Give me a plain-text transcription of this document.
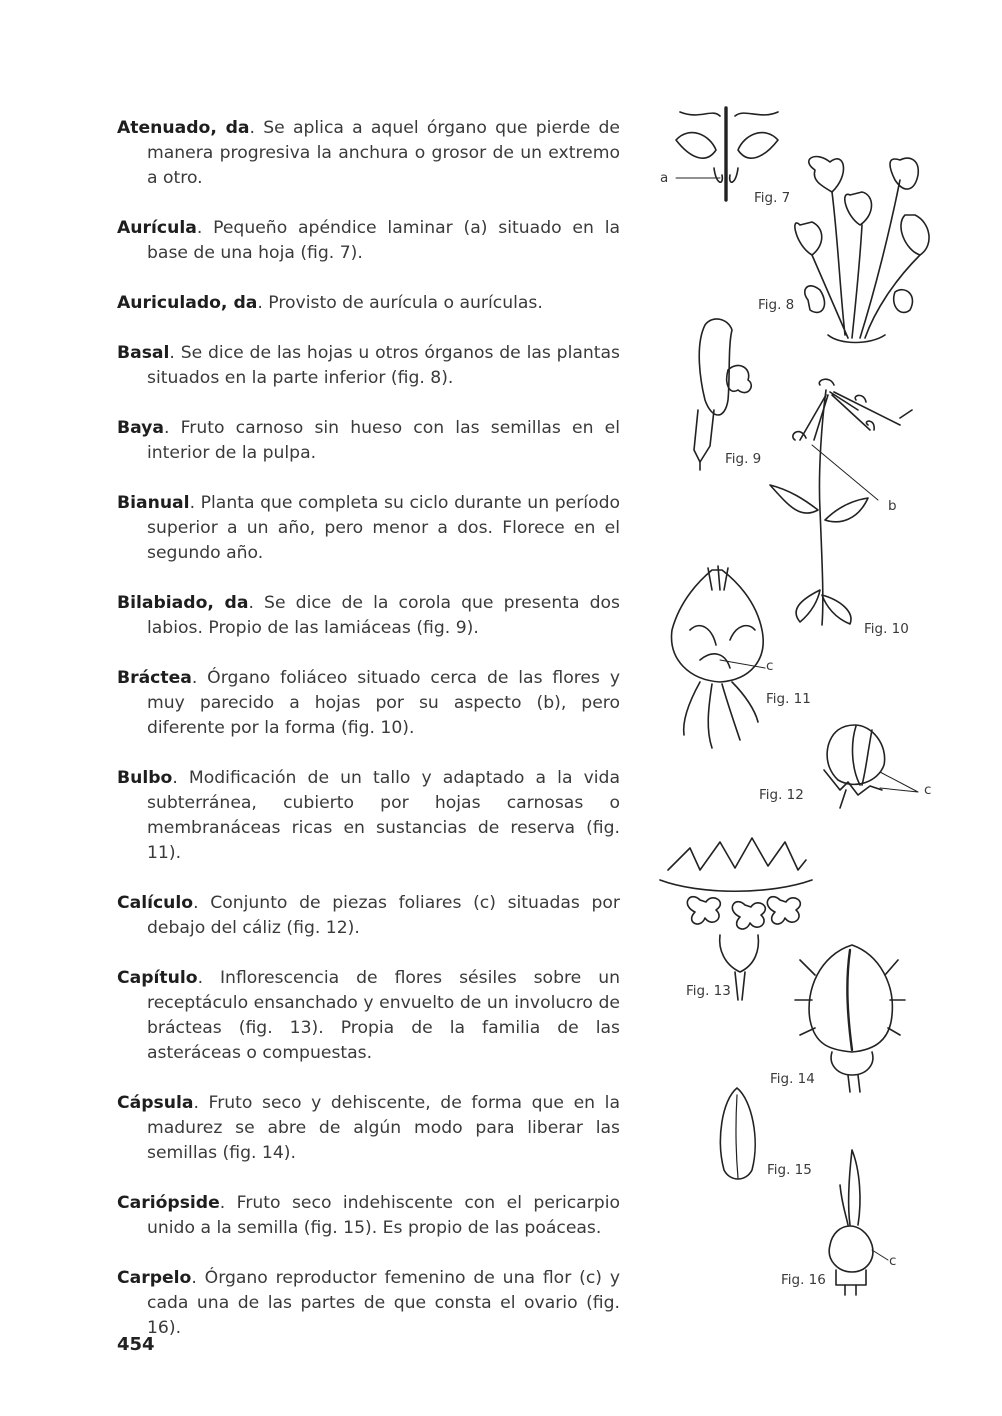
Atenuado, da. Se aplica a aquel órgano que pierde de manera progresiva la anchura o grosor de un extremo a otro.

Aurícula. Pequeño apéndice laminar (a) situado en la base de una hoja (fig. 7).

Auriculado, da. Provisto de aurícula o aurículas.

Basal. Se dice de las hojas u otros órganos de las plantas situados en la parte inferior (fig. 8).

Baya. Fruto carnoso sin hueso con las semillas en el interior de la pulpa.

Bianual. Planta que completa su ciclo durante un período superior a un año, pero menor a dos. Florece en el segundo año.

Bilabiado, da. Se dice de la corola que presenta dos labios. Propio de las lamiáceas (fig. 9).

Bráctea. Órgano foliáceo situado cerca de las flores y muy parecido a hojas por su aspecto (b), pero diferente por la forma (fig. 10).

Bulbo. Modificación de un tallo y adaptado a la vida subterránea, cubierto por hojas carnosas o membranáceas ricas en sustancias de reserva (fig. 11).

Calículo. Conjunto de piezas foliares (c) situadas por debajo del cáliz (fig. 12).

Capítulo. Inflorescencia de flores sésiles sobre un receptáculo ensanchado y envuelto de un involucro de brácteas (fig. 13). Propia de la familia de las asteráceas o compuestas.

Cápsula. Fruto seco y dehiscente, de forma que en la madurez se abre de algún modo para liberar las semillas (fig. 14).

Cariópside. Fruto seco indehiscente con el pericarpio unido a la semilla (fig. 15). Es propio de las poáceas.

Carpelo. Órgano reproductor femenino de una flor (c) y cada una de las partes de que consta el ovario (fig. 16).

Fig. 7
a
Fig. 8
Fig. 9
b
Fig. 10
c
Fig. 11
c
Fig. 12
Fig. 13
Fig. 14
Fig. 15
c
Fig. 16
454
